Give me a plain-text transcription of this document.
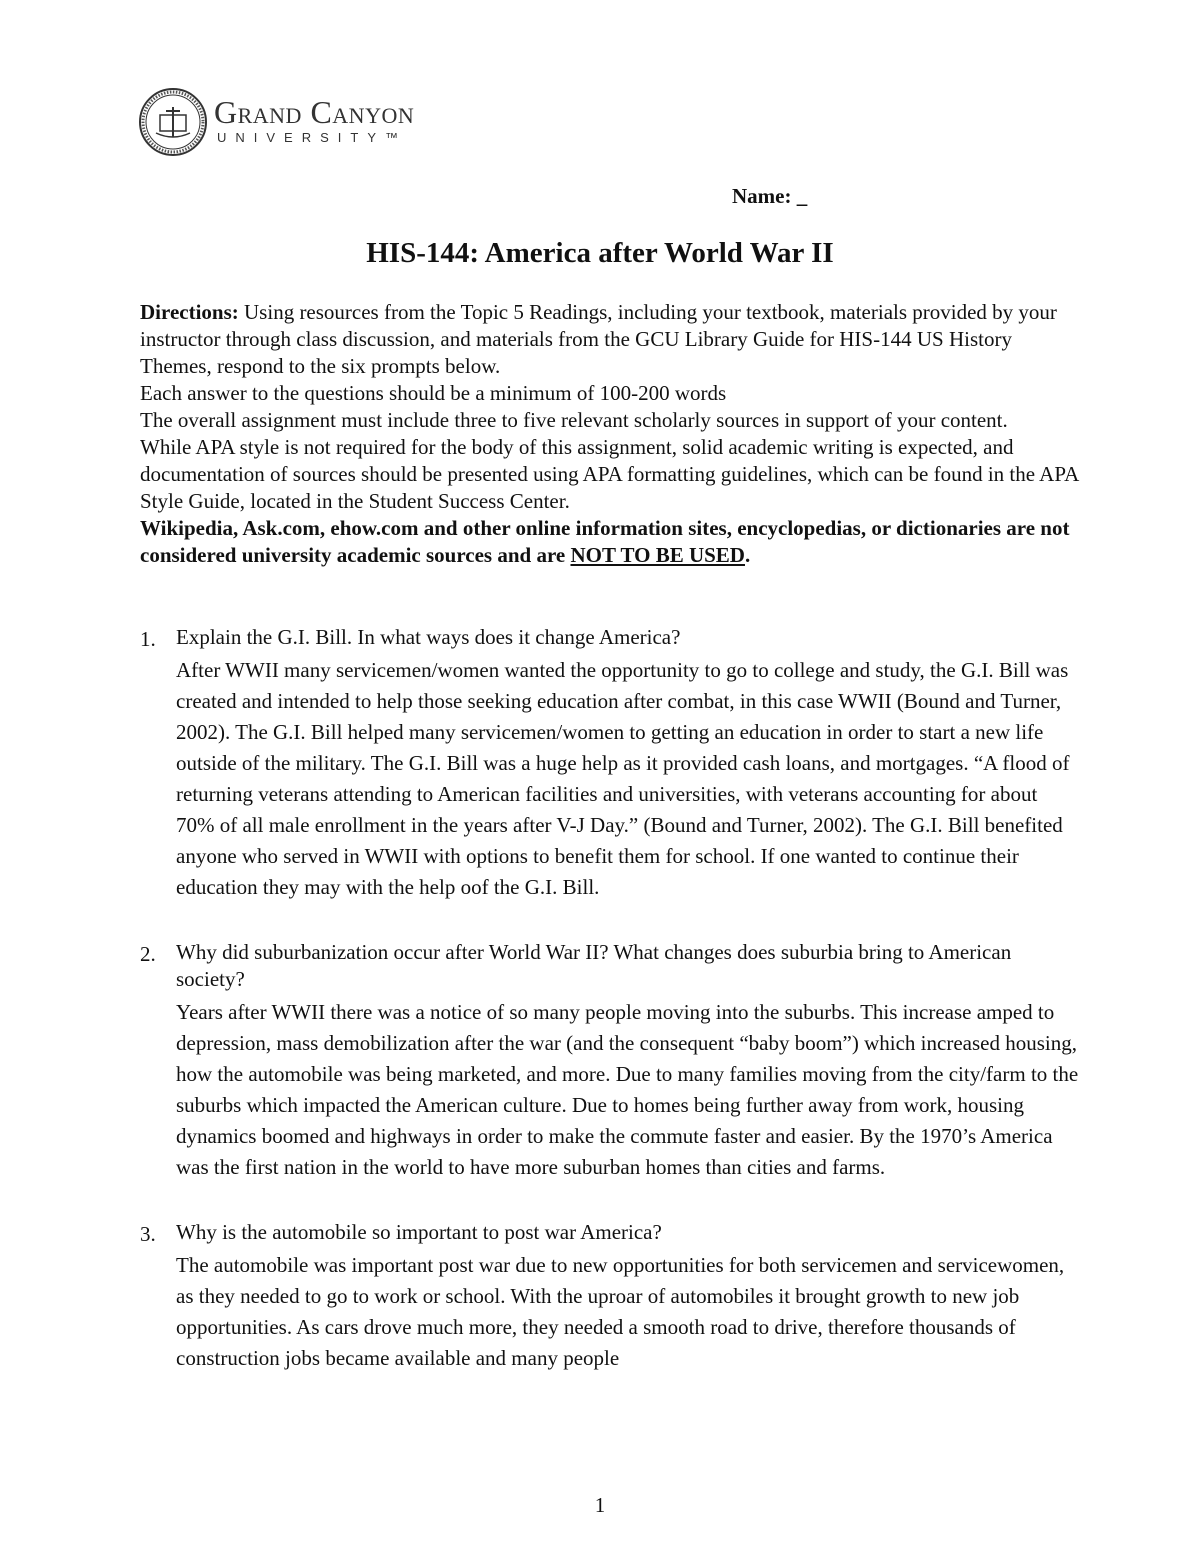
Grand Canyon
UNIVERSITY™
Name: _
HIS-144: America after World War II

Directions: Using resources from the Topic 5 Readings, including your textbook, materials provided by your instructor through class discussion, and materials from the GCU Library Guide for HIS-144 US History Themes, respond to the six prompts below.

Each answer to the questions should be a minimum of 100-200 words

The overall assignment must include three to five relevant scholarly sources in support of your content.

While APA style is not required for the body of this assignment, solid academic writing is expected, and documentation of sources should be presented using APA formatting guidelines, which can be found in the APA Style Guide, located in the Student Success Center.

Wikipedia, Ask.com, ehow.com and other online information sites, encyclopedias, or dictionaries are not considered university academic sources and are NOT TO BE USED.

1. Explain the G.I. Bill. In what ways does it change America?
After WWII many servicemen/women wanted the opportunity to go to college and study, the G.I. Bill was created and intended to help those seeking education after combat, in this case WWII (Bound and Turner, 2002). The G.I. Bill helped many servicemen/women to getting an education in order to start a new life outside of the military. The G.I. Bill was a huge help as it provided cash loans, and mortgages. “A flood of returning veterans attending to American facilities and universities, with veterans accounting for about 70% of all male enrollment in the years after V-J Day.” (Bound and Turner, 2002). The G.I. Bill benefited anyone who served in WWII with options to benefit them for school. If one wanted to continue their education they may with the help oof the G.I. Bill.
2. Why did suburbanization occur after World War II? What changes does suburbia bring to American society?
Years after WWII there was a notice of so many people moving into the suburbs. This increase amped to depression, mass demobilization after the war (and the consequent “baby boom”) which increased housing, how the automobile was being marketed, and more. Due to many families moving from the city/farm to the suburbs which impacted the American culture. Due to homes being further away from work, housing dynamics boomed and highways in order to make the commute faster and easier. By the 1970’s America was the first nation in the world to have more suburban homes than cities and farms.
3. Why is the automobile so important to post war America?
The automobile was important post war due to new opportunities for both servicemen and servicewomen, as they needed to go to work or school. With the uproar of automobiles it brought growth to new job opportunities. As cars drove much more, they needed a smooth road to drive, therefore thousands of construction jobs became available and many people
1
